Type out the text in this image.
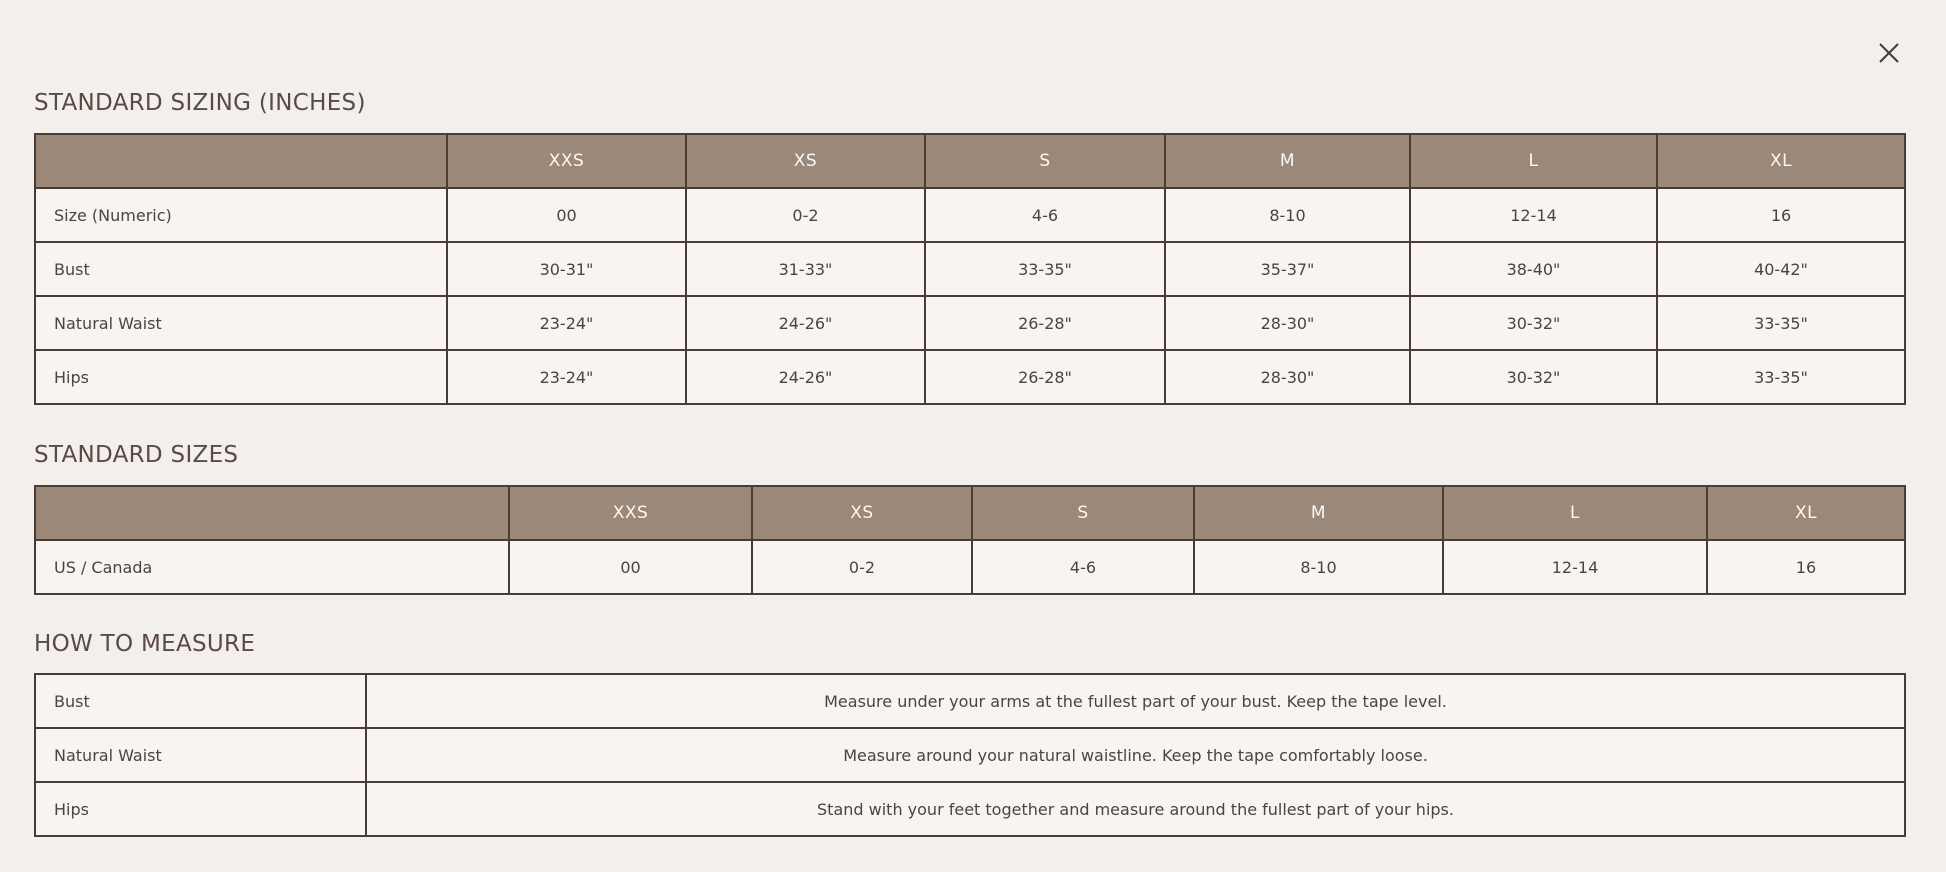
STANDARD SIZING (INCHES)
	XXS	XS	S	M	L	XL
Size (Numeric)	00	0-2	4-6	8-10	12-14	16
Bust	30-31"	31-33"	33-35"	35-37"	38-40"	40-42"
Natural Waist	23-24"	24-26"	26-28"	28-30"	30-32"	33-35"
Hips	23-24"	24-26"	26-28"	28-30"	30-32"	33-35"
STANDARD SIZES
	XXS	XS	S	M	L	XL
US / Canada	00	0-2	4-6	8-10	12-14	16
HOW TO MEASURE
Bust	Measure under your arms at the fullest part of your bust. Keep the tape level.
Natural Waist	Measure around your natural waistline. Keep the tape comfortably loose.
Hips	Stand with your feet together and measure around the fullest part of your hips.
